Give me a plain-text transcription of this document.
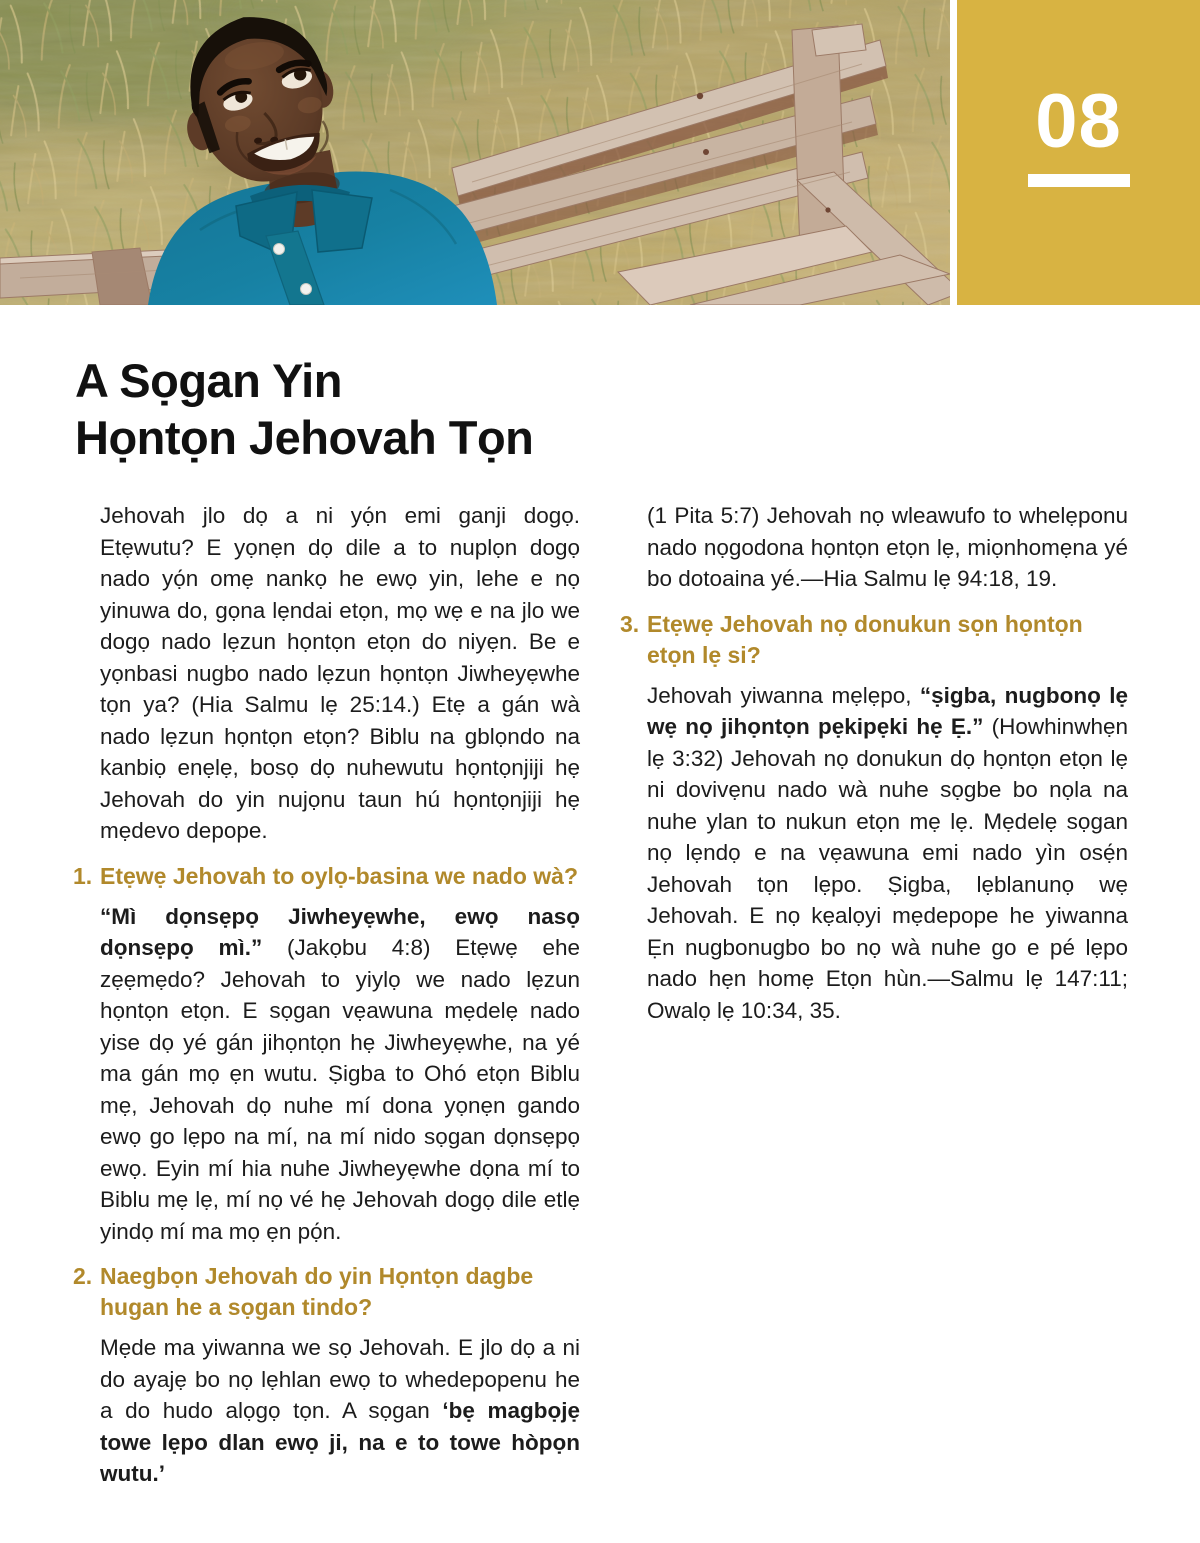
08
A Sọgan Yin
Họntọn Jehovah Tọn

Jehovah jlo dọ a ni yọ́n emi ganji dogọ. Etẹwutu? E yọnẹn dọ dile a to nuplọn dogọ nado yọ́n omẹ nankọ he ewọ yin, lehe e nọ yinuwa do, gọna lẹndai etọn, mọ wẹ e na jlo we dogọ nado lẹzun họntọn etọn do niyẹn. Be e yọnbasi nugbo nado lẹzun họntọn Jiwheyẹwhe tọn ya? (Hia Salmu lẹ 25:14.) Etẹ a gán wà nado lẹzun họntọn etọn? Biblu na gblọndo na kanbiọ enẹlẹ, bosọ dọ nuhewutu họntọnjiji hẹ Jehovah do yin nujọnu taun hú họntọnjiji hẹ mẹdevo depope.

1. Etẹwẹ Jehovah to oylọ-basina we nado wà?

“Mì dọnsẹpọ Jiwheyẹwhe, ewọ nasọ dọnsẹpọ mì.” (Jakọbu 4:8) Etẹwẹ ehe zẹẹmẹdo? Jehovah to yiylọ we nado lẹzun họntọn etọn. E sọgan vẹawuna mẹdelẹ nado yise dọ yé gán jihọntọn hẹ Jiwheyẹwhe, na yé ma gán mọ ẹn wutu. Ṣigba to Ohó etọn Biblu mẹ, Jehovah dọ nuhe mí dona yọnẹn gando ewọ go lẹpo na mí, na mí nido sọgan dọnsẹpọ ewọ. Eyin mí hia nuhe Jiwheyẹwhe dọna mí to Biblu mẹ lẹ, mí nọ vé hẹ Jehovah dogọ dile etlẹ yindọ mí ma mọ ẹn pọ́n.

2. Naegbọn Jehovah do yin Họntọn dagbe hugan he a sọgan tindo?

Mẹde ma yiwanna we sọ Jehovah. E jlo dọ a ni do ayajẹ bo nọ lẹhlan ewọ to whedepopenu he a do hudo alọgọ tọn. A sọgan ‘bẹ magbọjẹ towe lẹpo dlan ewọ ji, na e to towe hòpọn wutu.’

(1 Pita 5:7) Jehovah nọ wleawufo to whelẹponu nado nọgodona họntọn etọn lẹ, miọnhomẹna yé bo dotoaina yé.—Hia Salmu lẹ 94:18, 19.

3. Etẹwẹ Jehovah nọ donukun sọn họntọn etọn lẹ si?

Jehovah yiwanna mẹlẹpo, “ṣigba, nugbonọ lẹ wẹ nọ jihọntọn pẹkipẹki hẹ Ẹ.” (Howhinwhẹn lẹ 3:32) Jehovah nọ donukun dọ họntọn etọn lẹ ni dovivẹnu nado wà nuhe sọgbe bo nọla na nuhe ylan to nukun etọn mẹ lẹ. Mẹdelẹ sọgan nọ lẹndọ e na vẹawuna emi nado yìn osẹ́n Jehovah tọn lẹpo. Ṣigba, lẹblanunọ wẹ Jehovah. E nọ kẹalọyi mẹdepope he yiwanna Ẹn nugbonugbo bo nọ wà nuhe go e pé lẹpo nado hẹn homẹ Etọn hùn.—Salmu lẹ 147:11; Owalọ lẹ 10:34, 35.
